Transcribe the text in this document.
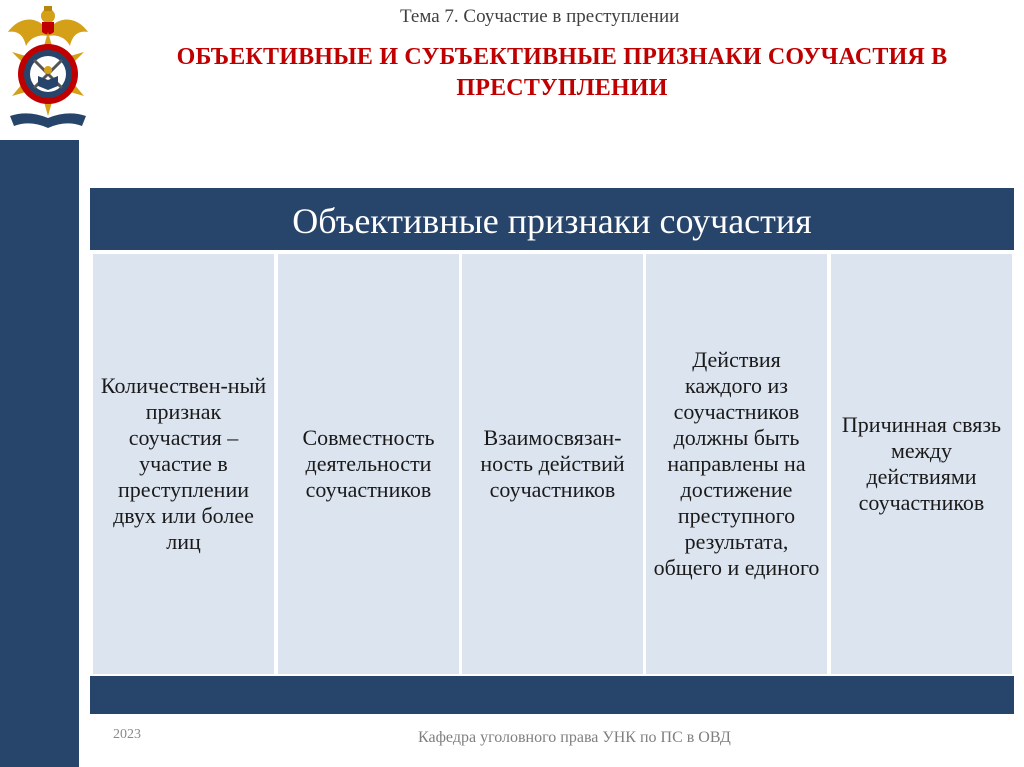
Тема 7. Соучастие в преступлении
ОБЪЕКТИВНЫЕ И СУБЪЕКТИВНЫЕ ПРИЗНАКИ СОУЧАСТИЯ В ПРЕСТУПЛЕНИИ
Объективные признаки соучастия
Количествен-ный признак соучастия – участие в преступлении двух или более лиц
Совместность деятельности соучастников
Взаимосвязан-ность действий соучастников
Действия каждого из соучастников должны быть направлены на достижение преступного результата, общего и единого
Причинная связь между действиями соучастников
2023	Кафедра уголовного права УНК по ПС в ОВД
